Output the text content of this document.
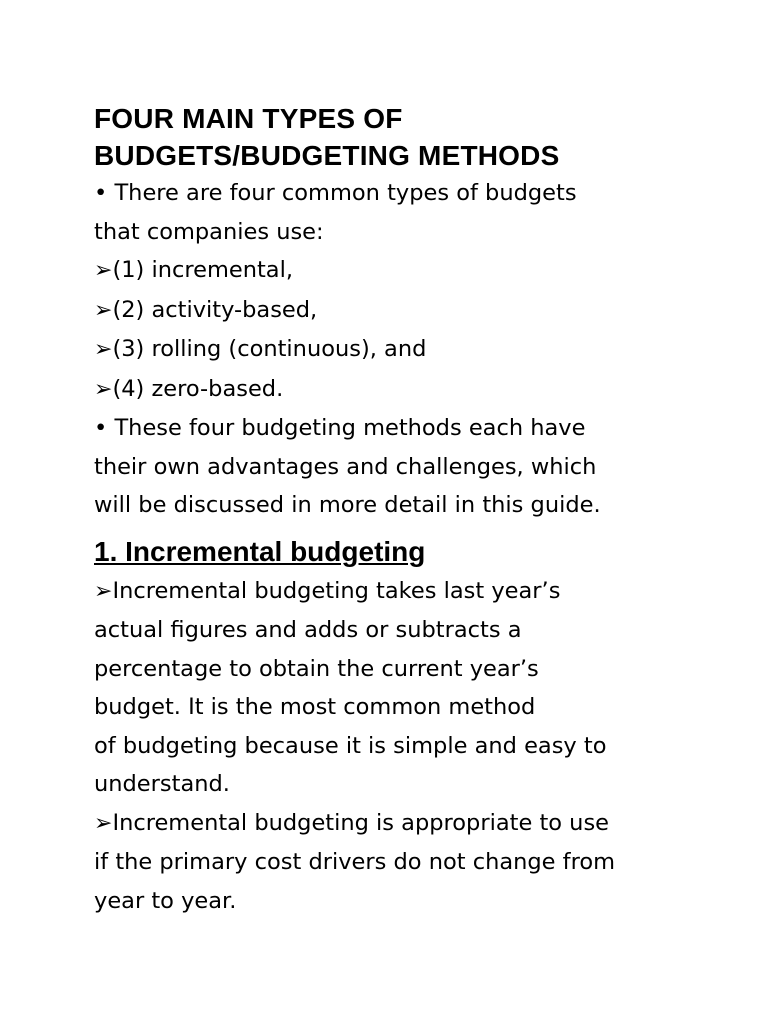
FOUR MAIN TYPES OF
BUDGETS/BUDGETING METHODS

• There are four common types of budgets

that companies use:

➢(1) incremental,

➢(2) activity-based,

➢(3) rolling (continuous), and

➢(4) zero-based.

• These four budgeting methods each have

their own advantages and challenges, which

will be discussed in more detail in this guide.

1. Incremental budgeting

➢Incremental budgeting takes last year’s

actual figures and adds or subtracts a

percentage to obtain the current year’s

budget. It is the most common method

of budgeting because it is simple and easy to

understand.

➢Incremental budgeting is appropriate to use

if the primary cost drivers do not change from

year to year.
